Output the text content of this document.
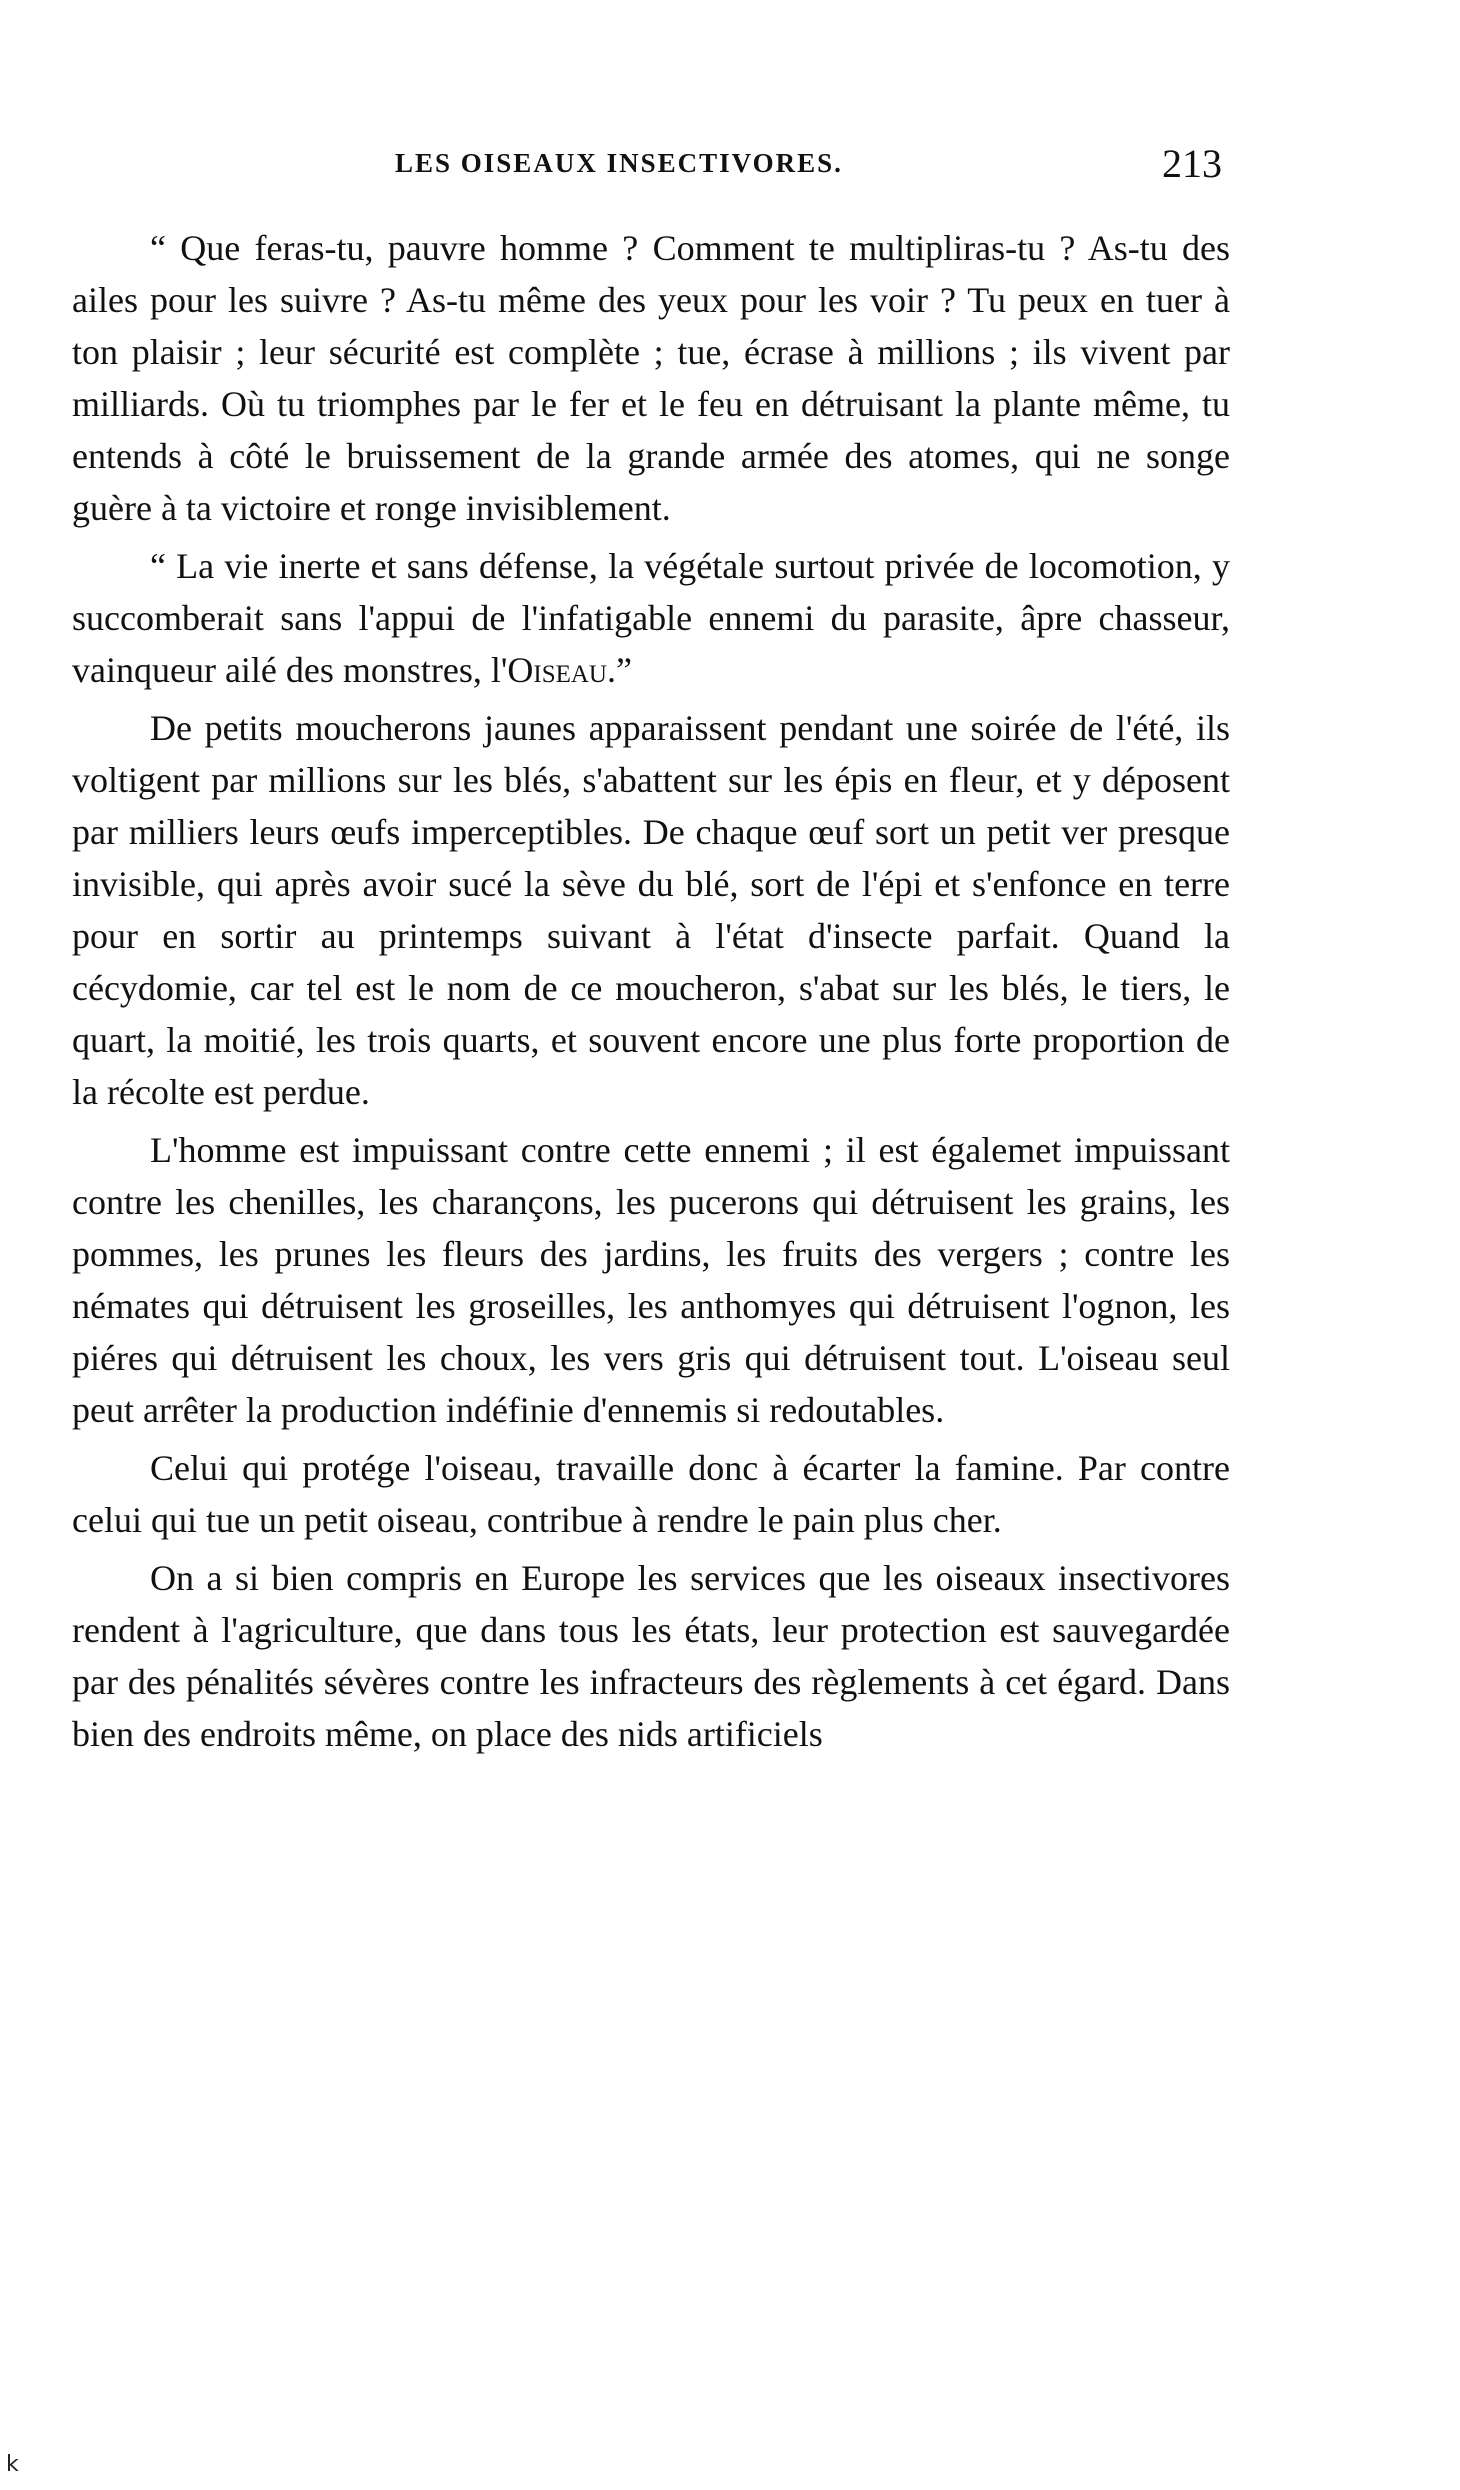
LES OISEAUX INSECTIVORES.	213

“ Que feras-tu, pauvre homme ? Comment te multipliras-tu ? As-tu des ailes pour les suivre ? As-tu même des yeux pour les voir ? Tu peux en tuer à ton plaisir ; leur sécurité est complète ; tue, écrase à millions ; ils vivent par milliards. Où tu triomphes par le fer et le feu en détruisant la plante même, tu entends à côté le bruissement de la grande armée des atomes, qui ne songe guère à ta victoire et ronge invisiblement.

“ La vie inerte et sans défense, la végétale surtout privée de locomotion, y succomberait sans l'appui de l'infatigable ennemi du parasite, âpre chasseur, vainqueur ailé des monstres, l'Oiseau.”

De petits moucherons jaunes apparaissent pendant une soirée de l'été, ils voltigent par millions sur les blés, s'abattent sur les épis en fleur, et y déposent par milliers leurs œufs imperceptibles. De chaque œuf sort un petit ver presque invisible, qui après avoir sucé la sève du blé, sort de l'épi et s'enfonce en terre pour en sortir au printemps suivant à l'état d'insecte parfait. Quand la cécydomie, car tel est le nom de ce moucheron, s'abat sur les blés, le tiers, le quart, la moitié, les trois quarts, et souvent encore une plus forte proportion de la récolte est perdue.

L'homme est impuissant contre cette ennemi ; il est égalemet impuissant contre les chenilles, les charançons, les pucerons qui détruisent les grains, les pommes, les prunes les fleurs des jardins, les fruits des vergers ; contre les némates qui détruisent les groseilles, les anthomyes qui détruisent l'ognon, les piéres qui détruisent les choux, les vers gris qui détruisent tout. L'oiseau seul peut arrêter la production indéfinie d'ennemis si redoutables.

Celui qui protége l'oiseau, travaille donc à écarter la famine. Par contre celui qui tue un petit oiseau, contribue à rendre le pain plus cher.

On a si bien compris en Europe les services que les oiseaux insectivores rendent à l'agriculture, que dans tous les états, leur protection est sauvegardée par des pénalités sévères contre les infracteurs des règlements à cet égard. Dans bien des endroits même, on place des nids artificiels

k
